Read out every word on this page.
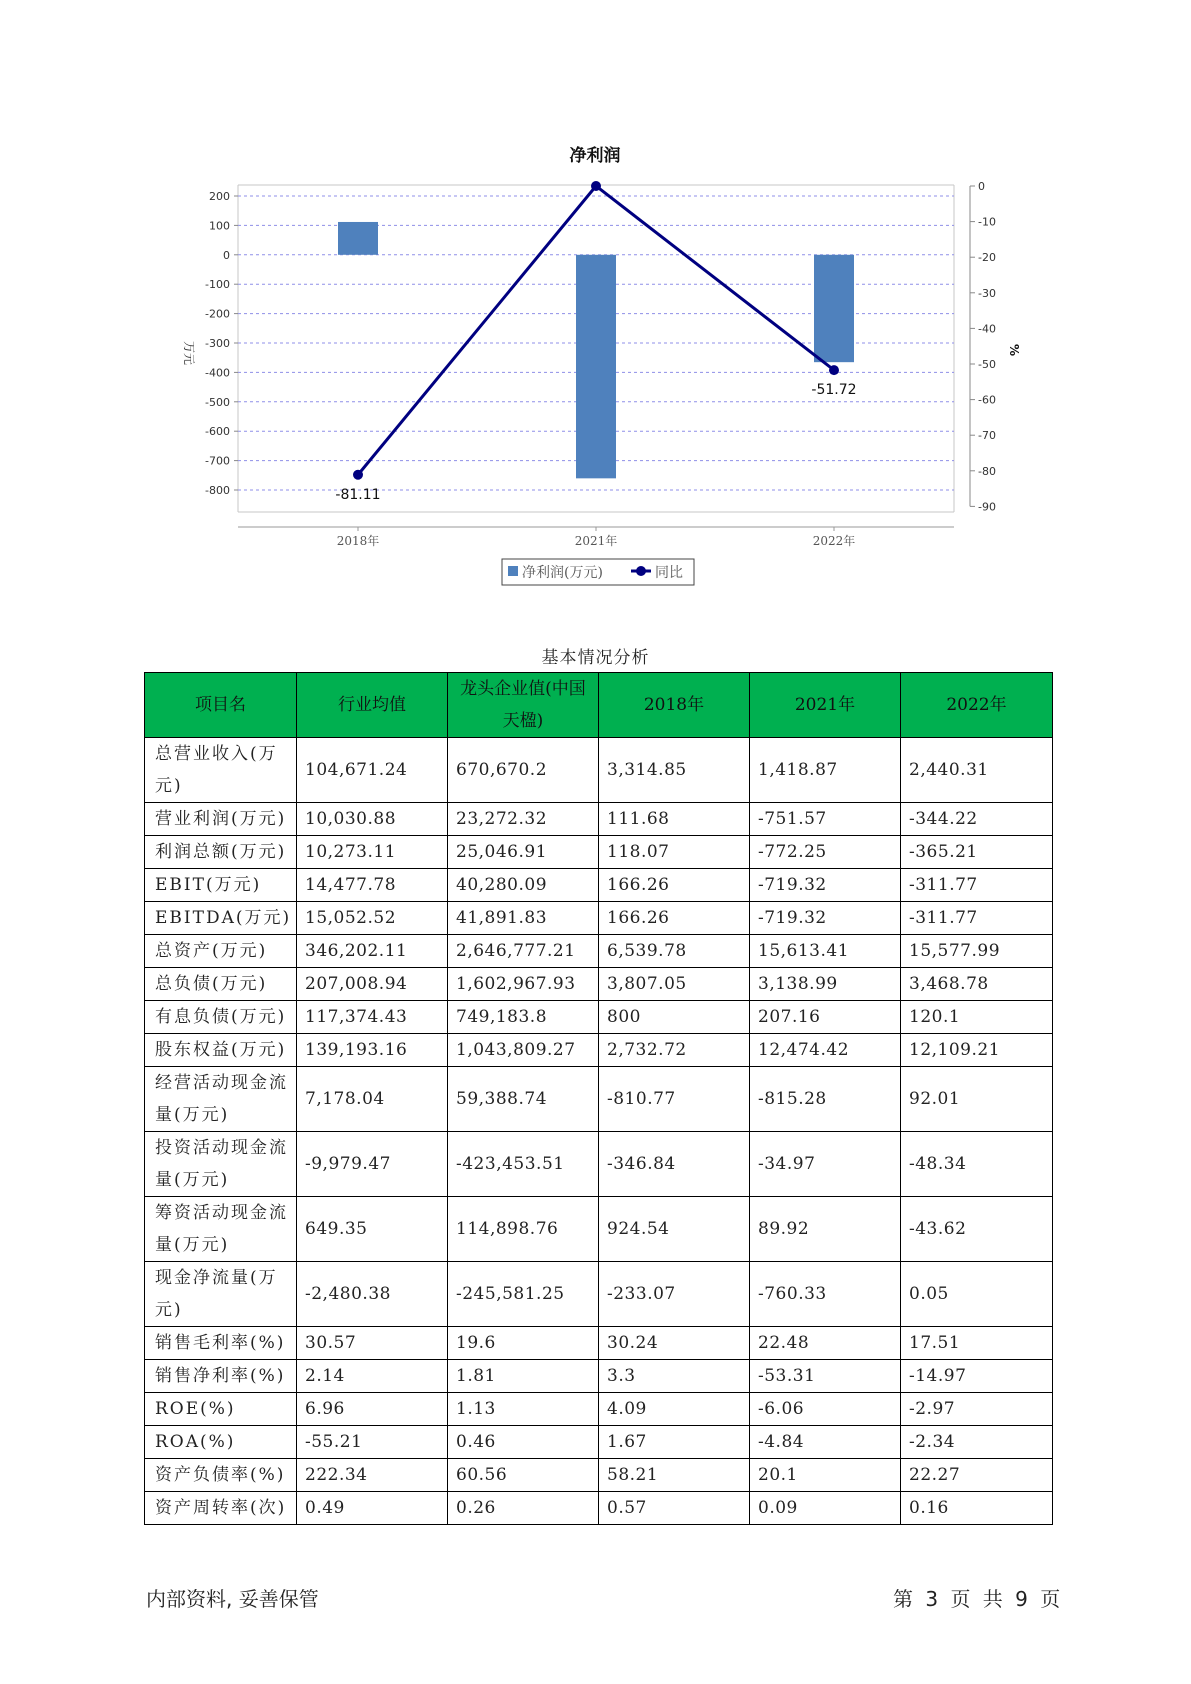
净利润
200
100
0
-100
-200
-300
-400
-500
-600
-700
-800
万元
0
-10
-20
-30
-40
-50
-60
-70
-80
-90
%
2018年	2021年	2022年
-81.11
-51.72
净利润(万元)	同比
基本情况分析
项目名	行业均值	龙头企业值(中国天楹)	2018年	2021年	2022年
总营业收入(万元)	104,671.24	670,670.2	3,314.85	1,418.87	2,440.31
营业利润(万元)	10,030.88	23,272.32	111.68	-751.57	-344.22
利润总额(万元)	10,273.11	25,046.91	118.07	-772.25	-365.21
EBIT(万元)	14,477.78	40,280.09	166.26	-719.32	-311.77
EBITDA(万元)	15,052.52	41,891.83	166.26	-719.32	-311.77
总资产(万元)	346,202.11	2,646,777.21	6,539.78	15,613.41	15,577.99
总负债(万元)	207,008.94	1,602,967.93	3,807.05	3,138.99	3,468.78
有息负债(万元)	117,374.43	749,183.8	800	207.16	120.1
股东权益(万元)	139,193.16	1,043,809.27	2,732.72	12,474.42	12,109.21
经营活动现金流量(万元)	7,178.04	59,388.74	-810.77	-815.28	92.01
投资活动现金流量(万元)	-9,979.47	-423,453.51	-346.84	-34.97	-48.34
筹资活动现金流量(万元)	649.35	114,898.76	924.54	89.92	-43.62
现金净流量(万元)	-2,480.38	-245,581.25	-233.07	-760.33	0.05
销售毛利率(%)	30.57	19.6	30.24	22.48	17.51
销售净利率(%)	2.14	1.81	3.3	-53.31	-14.97
ROE(%)	6.96	1.13	4.09	-6.06	-2.97
ROA(%)	-55.21	0.46	1.67	-4.84	-2.34
资产负债率(%)	222.34	60.56	58.21	20.1	22.27
资产周转率(次)	0.49	0.26	0.57	0.09	0.16
内部资料, 妥善保管	第 3 页 共 9 页
